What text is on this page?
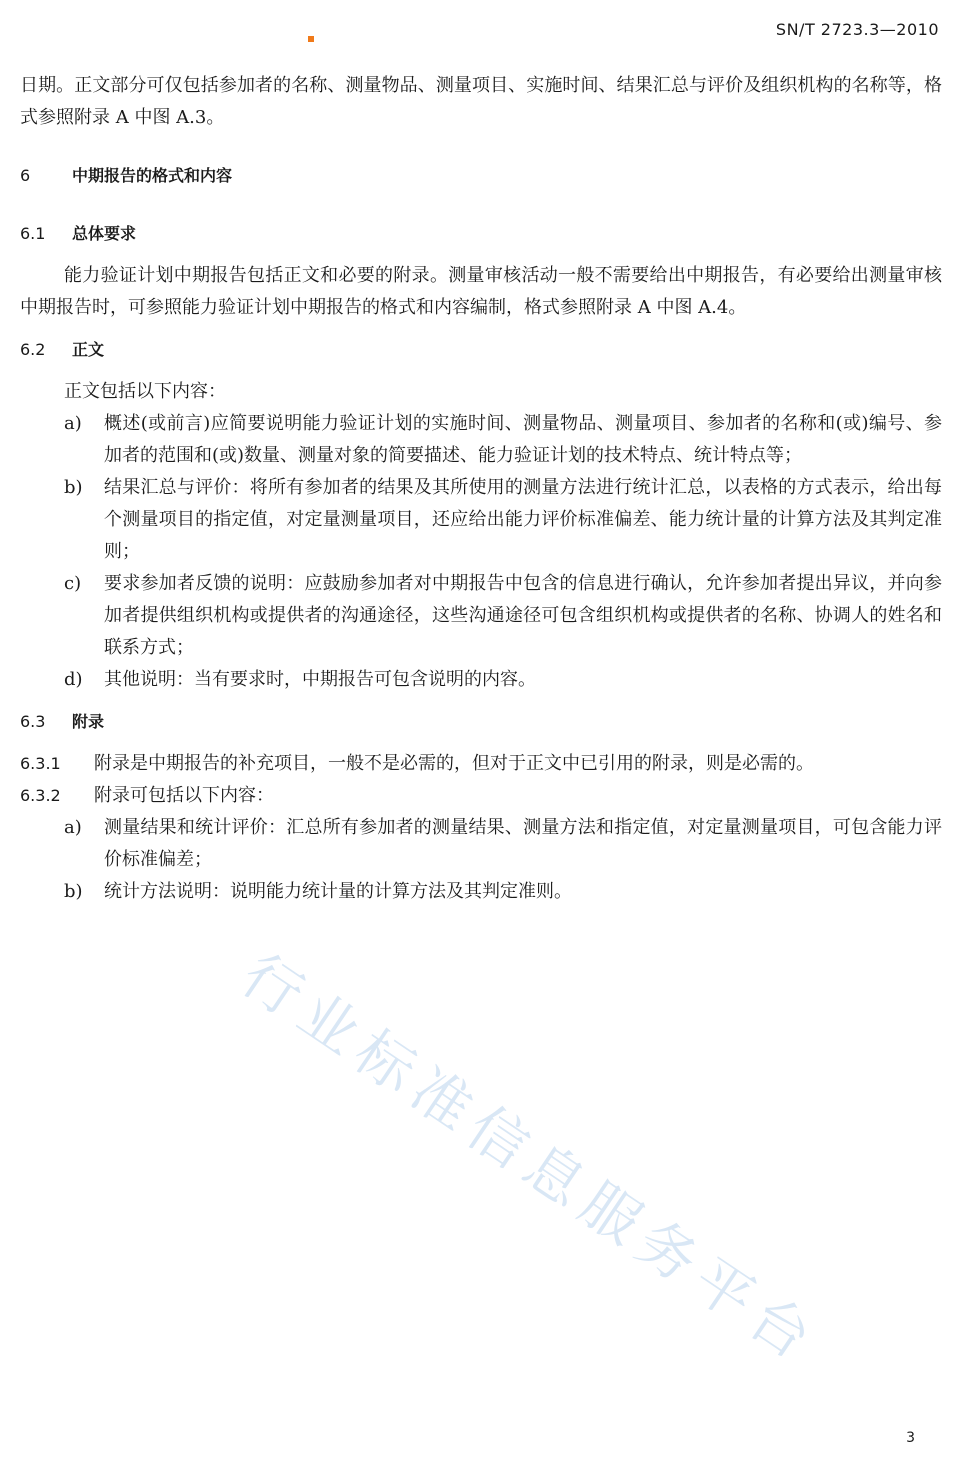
SN/T 2723.3—2010

日期。正文部分可仅包括参加者的名称、测量物品、测量项目、实施时间、结果汇总与评价及组织机构的名称等，格式参照附录 A 中图 A.3。

6	中期报告的格式和内容
6.1 总体要求

能力验证计划中期报告包括正文和必要的附录。测量审核活动一般不需要给出中期报告，有必要给出测量审核中期报告时，可参照能力验证计划中期报告的格式和内容编制，格式参照附录 A 中图 A.4。

6.2 正文

正文包括以下内容：

a) 概述(或前言)应简要说明能力验证计划的实施时间、测量物品、测量项目、参加者的名称和(或)编号、参加者的范围和(或)数量、测量对象的简要描述、能力验证计划的技术特点、统计特点等；

b) 结果汇总与评价：将所有参加者的结果及其所使用的测量方法进行统计汇总，以表格的方式表示，给出每个测量项目的指定值，对定量测量项目，还应给出能力评价标准偏差、能力统计量的计算方法及其判定准则；

c) 要求参加者反馈的说明：应鼓励参加者对中期报告中包含的信息进行确认，允许参加者提出异议，并向参加者提供组织机构或提供者的沟通途径，这些沟通途径可包含组织机构或提供者的名称、协调人的姓名和联系方式；

d) 其他说明：当有要求时，中期报告可包含说明的内容。

6.3 附录

6.3.1 附录是中期报告的补充项目，一般不是必需的，但对于正文中已引用的附录，则是必需的。

6.3.2 附录可包括以下内容：

a) 测量结果和统计评价：汇总所有参加者的测量结果、测量方法和指定值，对定量测量项目，可包含能力评价标准偏差；

b) 统计方法说明：说明能力统计量的计算方法及其判定准则。

行业标准信息服务平台
3
